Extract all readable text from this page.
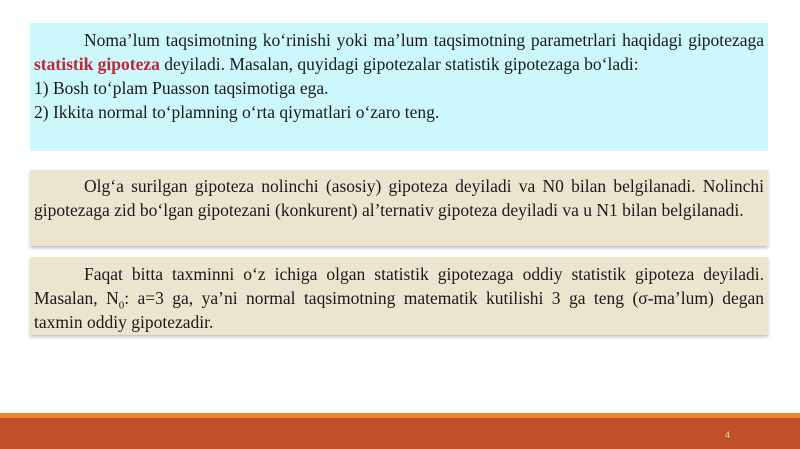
Noma’lum taqsimotning ko‘rinishi yoki ma’lum taqsimotning parametrlari haqidagi gipotezaga statistik gipoteza deyiladi. Masalan, quyidagi gipotezalar statistik gipotezaga bo‘ladi:

1) Bosh to‘plam Puasson taqsimotiga ega.

2) Ikkita normal to‘plamning o‘rta qiymatlari o‘zaro teng.

Olg‘a surilgan gipoteza nolinchi (asosiy) gipoteza deyiladi va N0 bilan belgilanadi. Nolinchi gipotezaga zid bo‘lgan gipotezani (konkurent) al’ternativ gipoteza deyiladi va u N1 bilan belgilanadi.

Faqat bitta taxminni o‘z ichiga olgan statistik gipotezaga oddiy statistik gipoteza deyiladi. Masalan, $N_0$: a=3 ga, ya’ni normal taqsimotning matematik kutilishi 3 ga teng (σ-ma’lum) degan taxmin oddiy gipotezadir.

4
